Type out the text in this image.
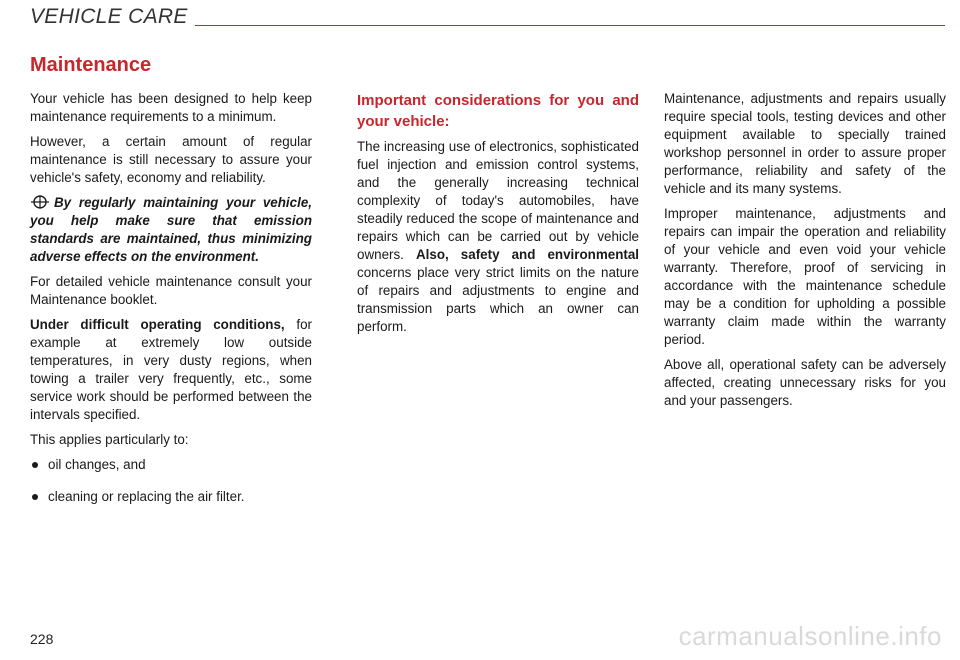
VEHICLE CARE
Maintenance

Your vehicle has been designed to help keep maintenance requirements to a minimum.

However, a certain amount of regular maintenance is still necessary to assure your vehicle's safety, economy and reliability.

By regularly maintaining your vehicle, you help make sure that emission standards are maintained, thus minimizing adverse effects on the environment.

For detailed vehicle maintenance consult your Maintenance booklet.

Under difficult operating conditions, for example at extremely low outside temperatures, in very dusty regions, when towing a trailer very frequently, etc., some service work should be performed between the intervals specified.

This applies particularly to:

oil changes, and
cleaning or replacing the air filter.
Important considerations for you and your vehicle:

The increasing use of electronics, sophisticated fuel injection and emission control systems, and the generally increasing technical complexity of today's automobiles, have steadily reduced the scope of maintenance and repairs which can be carried out by vehicle owners. Also, safety and environmental concerns place very strict limits on the nature of repairs and adjustments to engine and transmission parts which an owner can perform.

Maintenance, adjustments and repairs usually require special tools, testing devices and other equipment available to specially trained workshop personnel in order to assure proper performance, reliability and safety of the vehicle and its many systems.

Improper maintenance, adjustments and repairs can impair the operation and reliability of your vehicle and even void your vehicle warranty. Therefore, proof of servicing in accordance with the maintenance schedule may be a condition for upholding a possible warranty claim made within the warranty period.

Above all, operational safety can be adversely affected, creating unnecessary risks for you and your passengers.

228	carmanualsonline.info
